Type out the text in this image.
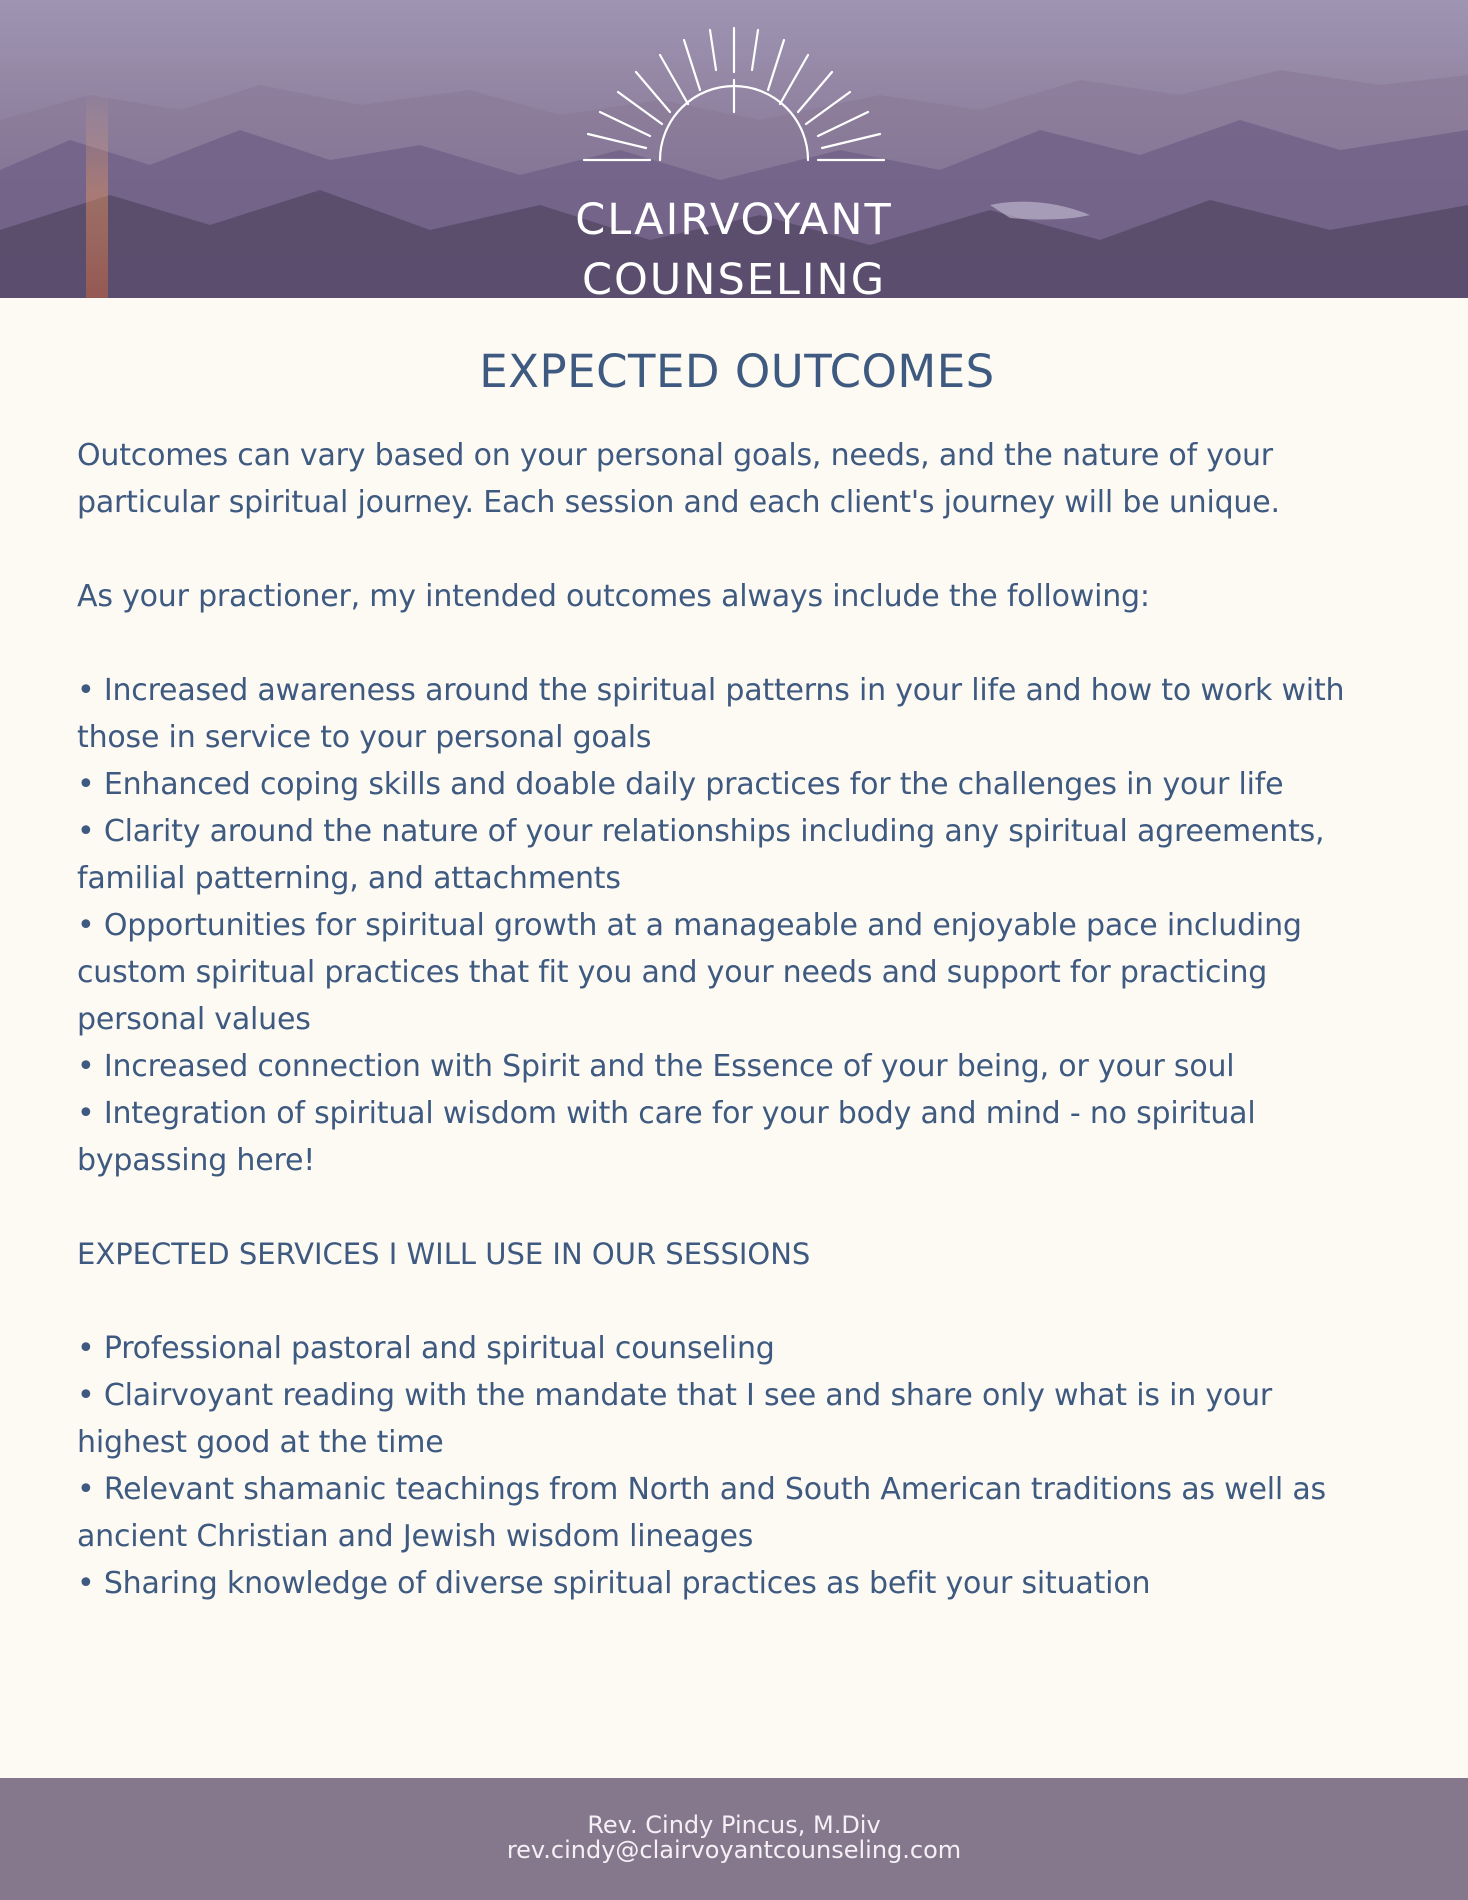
CLAIRVOYANT
COUNSELING
EXPECTED OUTCOMES

Outcomes can vary based on your personal goals, needs, and the nature of your

particular spiritual journey. Each session and each client's journey will be unique.

As your practioner, my intended outcomes always include the following:

• Increased awareness around the spiritual patterns in your life and how to work with

those in service to your personal goals

• Enhanced coping skills and doable daily practices for the challenges in your life

• Clarity around the nature of your relationships including any spiritual agreements,

familial patterning, and attachments

• Opportunities for spiritual growth at a manageable and enjoyable pace including

custom spiritual practices that fit you and your needs and support for practicing

personal values

• Increased connection with Spirit and the Essence of your being, or your soul

• Integration of spiritual wisdom with care for your body and mind - no spiritual

bypassing here!

EXPECTED SERVICES I WILL USE IN OUR SESSIONS

• Professional pastoral and spiritual counseling

• Clairvoyant reading with the mandate that I see and share only what is in your

highest good at the time

• Relevant shamanic teachings from North and South American traditions as well as

ancient Christian and Jewish wisdom lineages

• Sharing knowledge of diverse spiritual practices as befit your situation

Rev. Cindy Pincus, M.Div
rev.cindy@clairvoyantcounseling.com
